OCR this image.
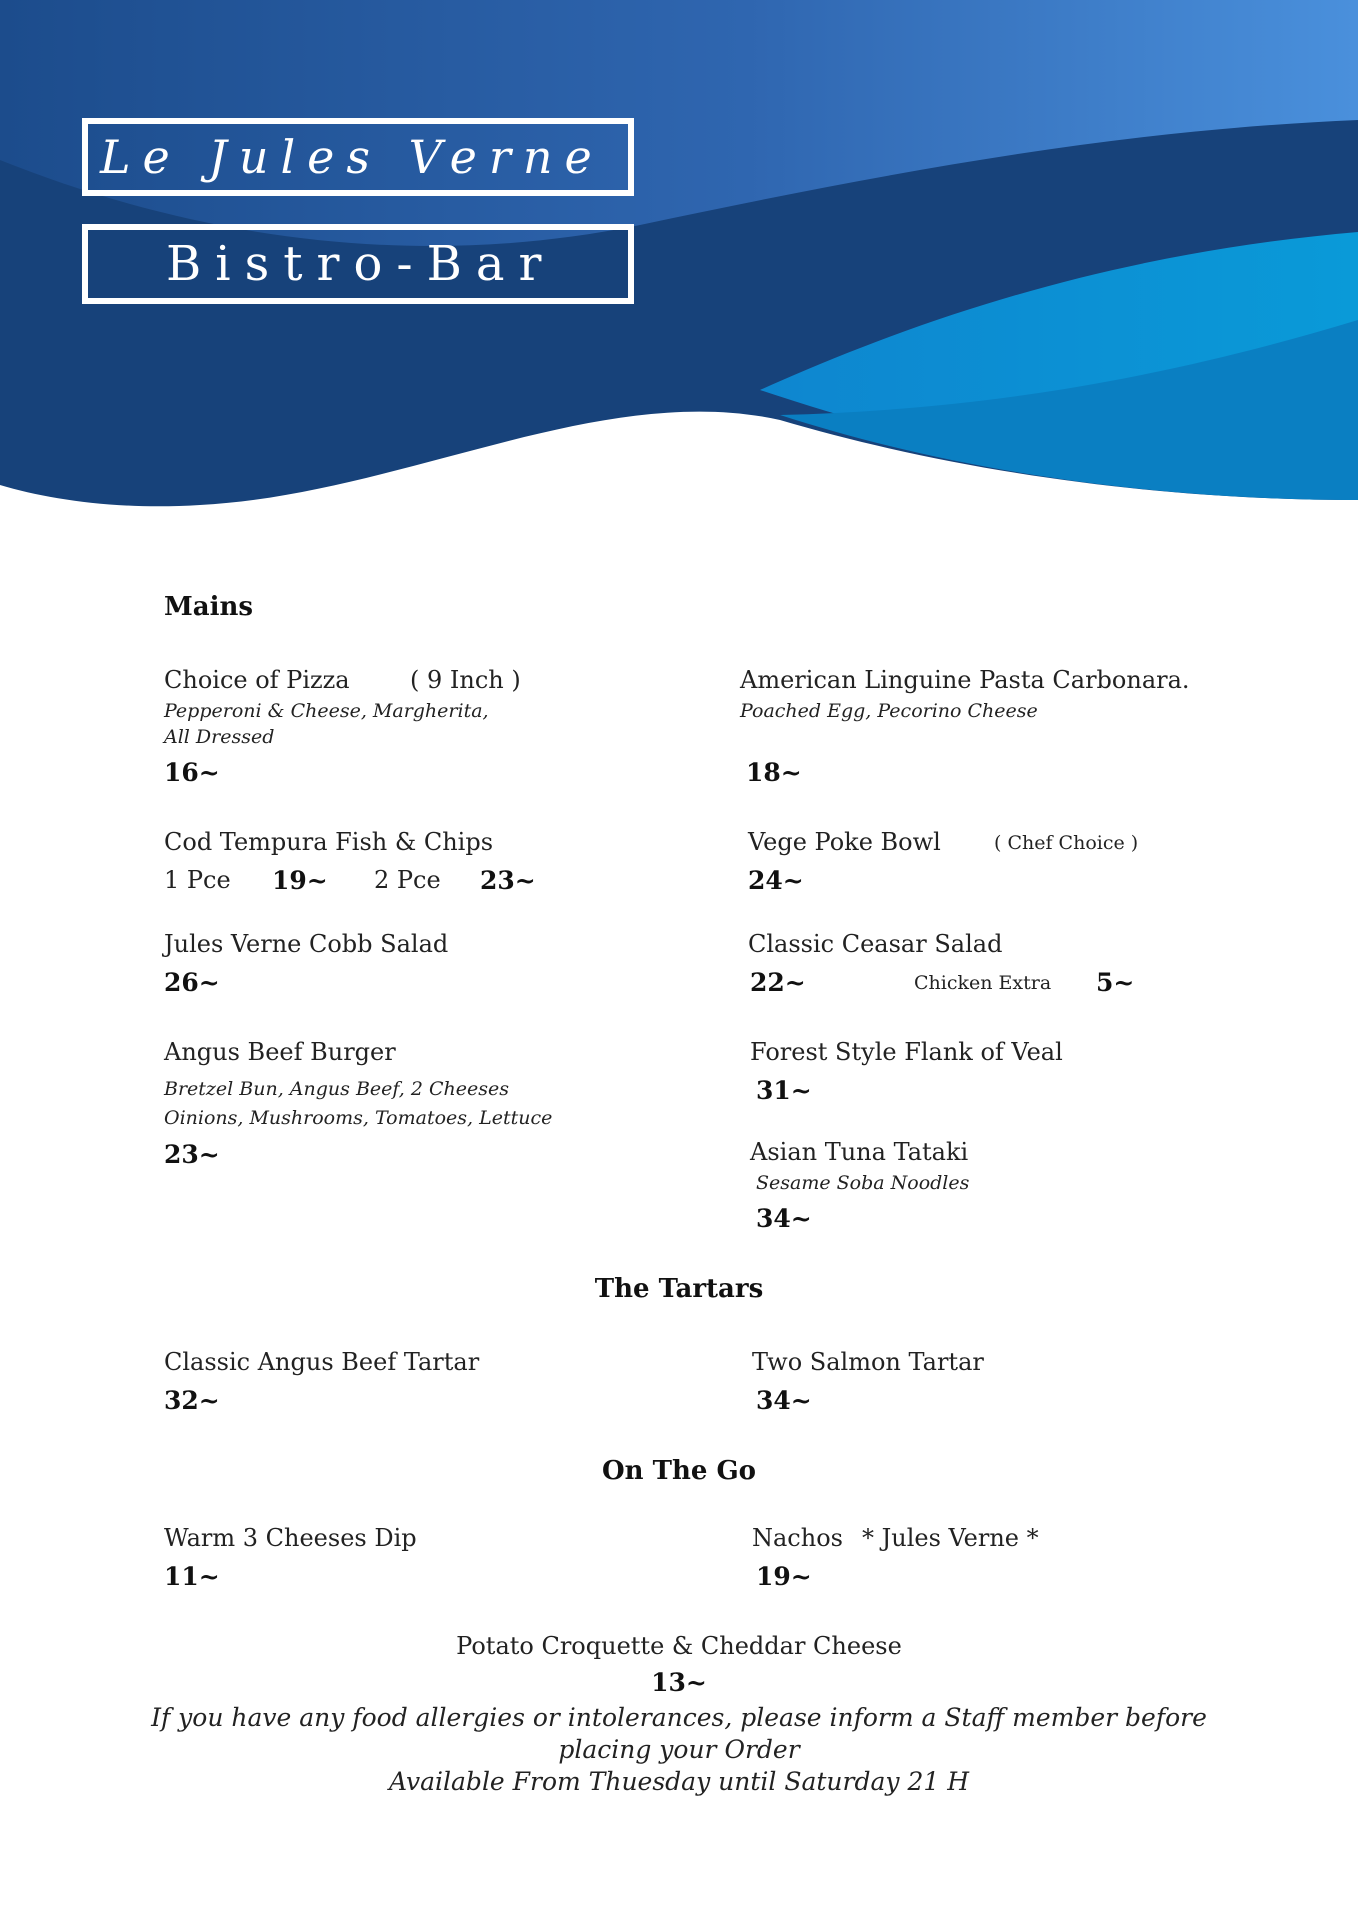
Le Jules Verne
Bistro-Bar
Mains
Choice of Pizza	( 9 Inch )
Pepperoni & Cheese, Margherita,
All Dressed
16~
American Linguine Pasta Carbonara.
Poached Egg, Pecorino Cheese
18~
Cod Tempura Fish & Chips
1 Pce 19~ 2 Pce 23~
Vege Poke Bowl	( Chef Choice )
24~
Jules Verne Cobb Salad
26~
Classic Ceasar Salad
22~	Chicken Extra 5~
Angus Beef Burger
Bretzel Bun, Angus Beef, 2 Cheeses
Oinions, Mushrooms, Tomatoes, Lettuce
23~
Forest Style Flank of Veal
31~
Asian Tuna Tataki
Sesame Soba Noodles
34~
The Tartars
Classic Angus Beef Tartar
32~
Two Salmon Tartar
34~
On The Go
Warm 3 Cheeses Dip
11~
Nachos * Jules Verne *
19~
Potato Croquette & Cheddar Cheese
13~
If you have any food allergies or intolerances, please inform a Staff member before
placing your Order
Available From Thuesday until Saturday 21 H
